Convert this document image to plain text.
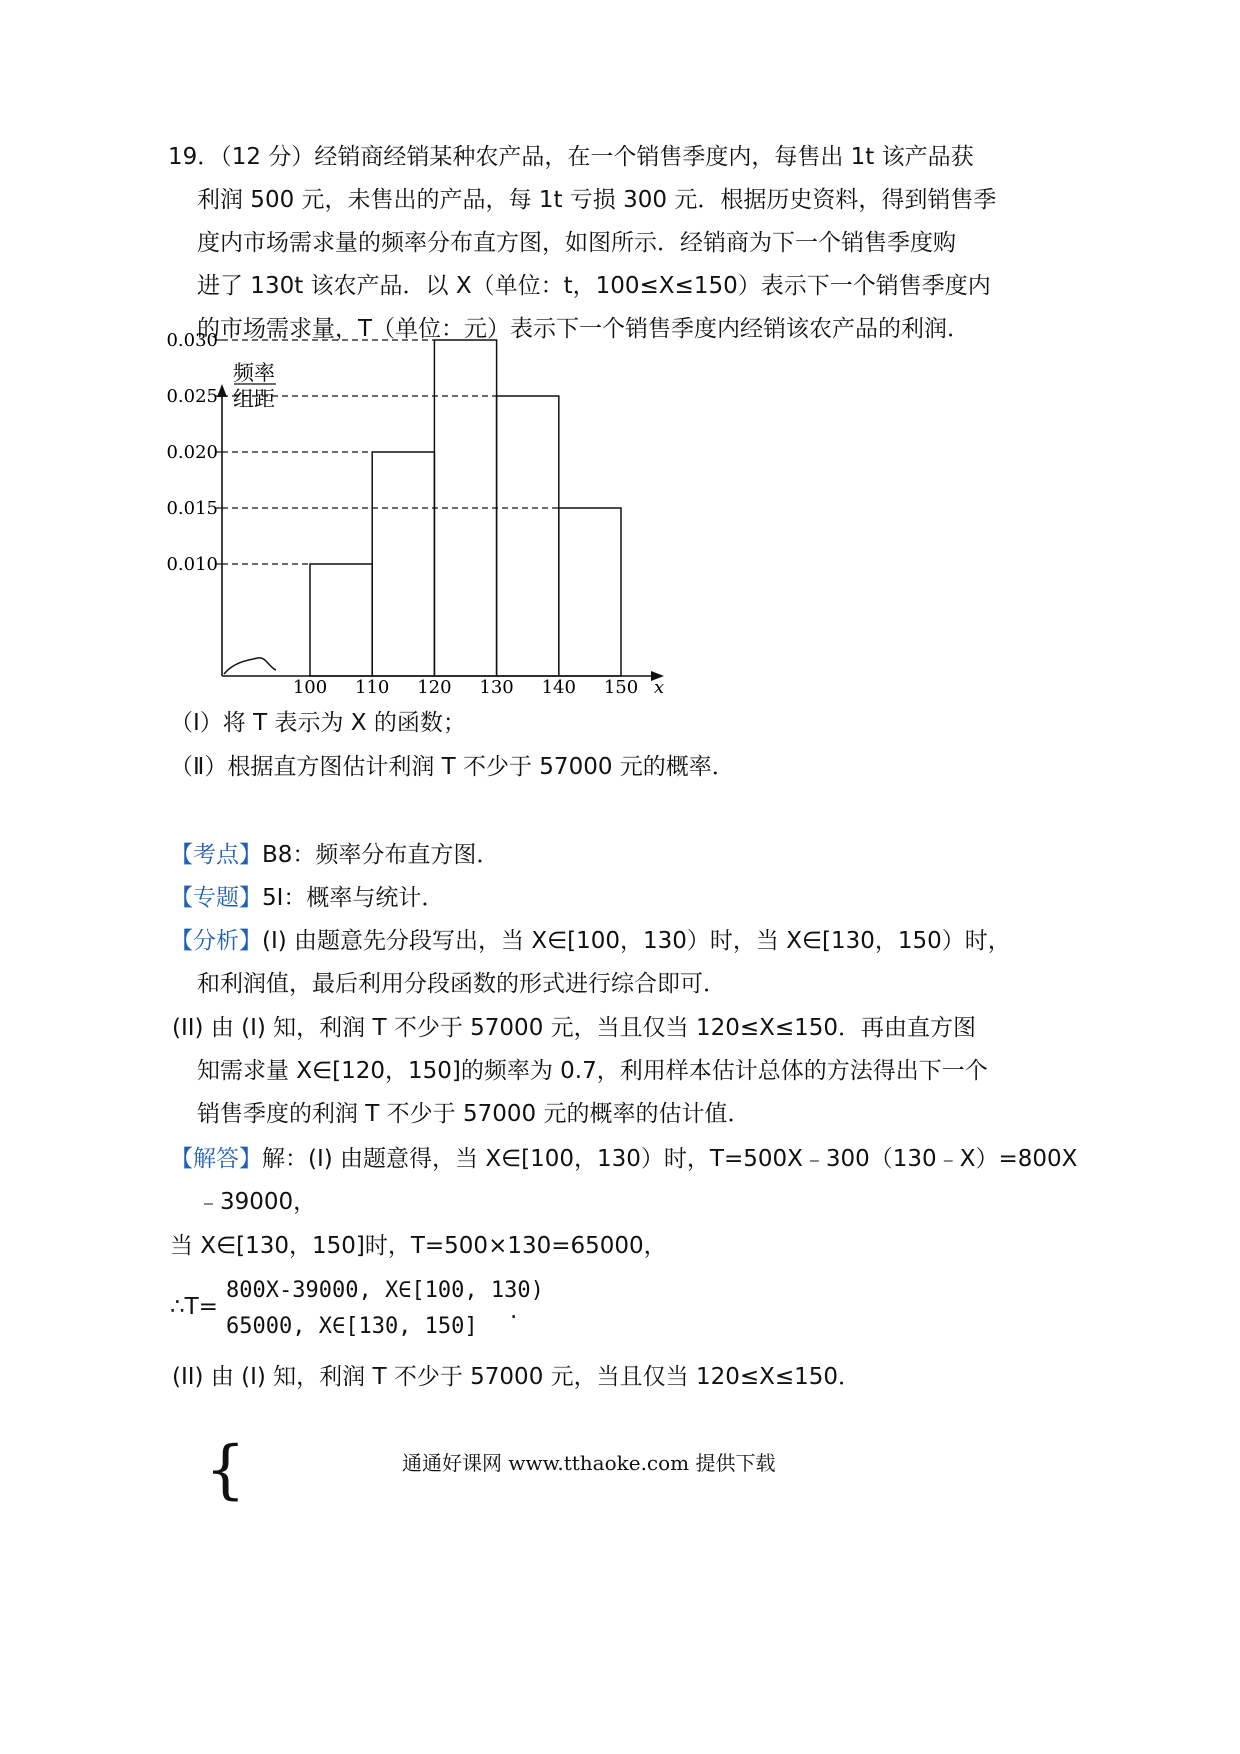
19．（12 分）经销商经销某种农产品，在一个销售季度内，每售出 1t 该产品获
利润 500 元，未售出的产品，每 1t 亏损 300 元．根据历史资料，得到销售季
度内市场需求量的频率分布直方图，如图所示．经销商为下一个销售季度购
进了 130t 该农产品．以 X（单位：t，100≤X≤150）表示下一个销售季度内
的市场需求量，T（单位：元）表示下一个销售季度内经销该农产品的利润．
频率
组距
x
0.030
0.025
0.020
0.015
0.010
100 110 120 130 140 150
（Ⅰ）将 T 表示为 X 的函数；
（Ⅱ）根据直方图估计利润 T 不少于 57000 元的概率．
【考点】B8：频率分布直方图．
【专题】5I：概率与统计．
【分析】(I) 由题意先分段写出，当 X∈[100，130）时，当 X∈[130，150）时，
和利润值，最后利用分段函数的形式进行综合即可．
(II) 由 (I) 知，利润 T 不少于 57000 元，当且仅当 120≤X≤150．再由直方图
知需求量 X∈[120，150]的频率为 0.7，利用样本估计总体的方法得出下一个
销售季度的利润 T 不少于 57000 元的概率的估计值．
【解答】解：(I) 由题意得，当 X∈[100，130）时，T=500X﹣300（130﹣X）=800X
﹣39000，
当 X∈[130，150]时，T=500×130=65000，
∴T=
{
800X-39000, X∈[100, 130)
65000, X∈[130, 150]
.
(II) 由 (I) 知，利润 T 不少于 57000 元，当且仅当 120≤X≤150．
通通好课网 www.tthaoke.com 提供下载
